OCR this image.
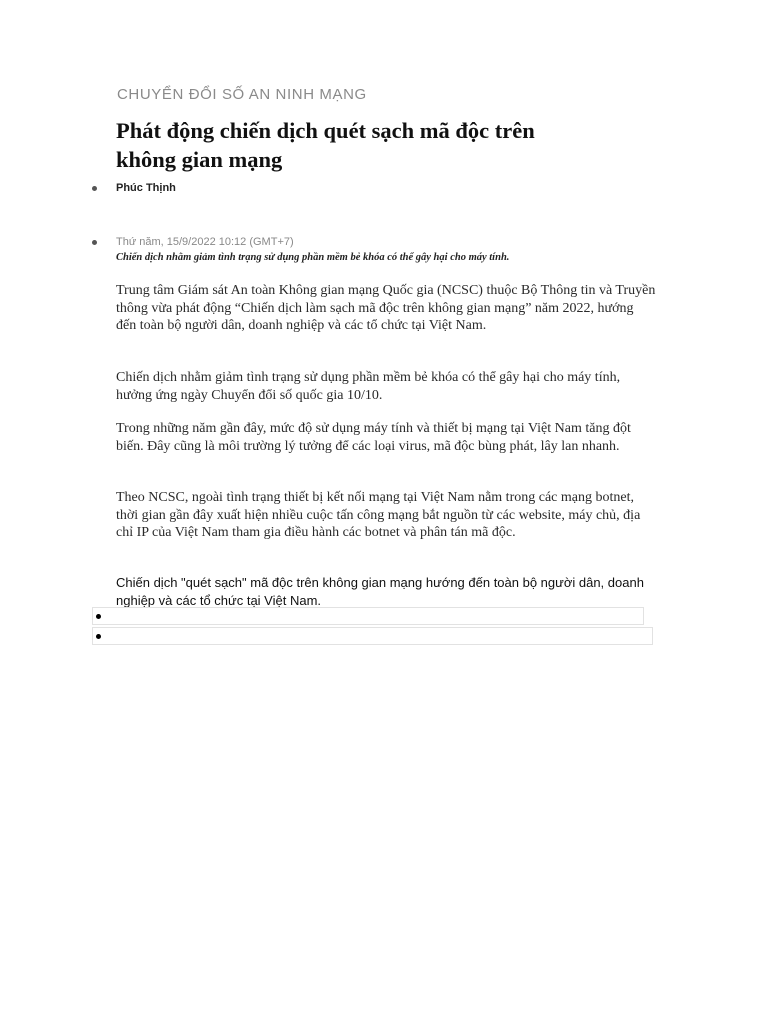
CHUYỂN ĐỔI SỐ AN NINH MẠNG
Phát động chiến dịch quét sạch mã độc trên
không gian mạng
Phúc Thịnh
Thứ năm, 15/9/2022 10:12 (GMT+7)
Chiến dịch nhằm giảm tình trạng sử dụng phần mềm bẻ khóa có thể gây hại cho máy tính.

Trung tâm Giám sát An toàn Không gian mạng Quốc gia (NCSC) thuộc Bộ Thông tin và Truyền thông vừa phát động “Chiến dịch làm sạch mã độc trên không gian mạng” năm 2022, hướng đến toàn bộ người dân, doanh nghiệp và các tổ chức tại Việt Nam.

Chiến dịch nhằm giảm tình trạng sử dụng phần mềm bẻ khóa có thể gây hại cho máy tính, hưởng ứng ngày Chuyển đổi số quốc gia 10/10.

Trong những năm gần đây, mức độ sử dụng máy tính và thiết bị mạng tại Việt Nam tăng đột biến. Đây cũng là môi trường lý tưởng để các loại virus, mã độc bùng phát, lây lan nhanh.

Theo NCSC, ngoài tình trạng thiết bị kết nối mạng tại Việt Nam nằm trong các mạng botnet, thời gian gần đây xuất hiện nhiều cuộc tấn công mạng bắt nguồn từ các website, máy chủ, địa chỉ IP của Việt Nam tham gia điều hành các botnet và phân tán mã độc.

Chiến dịch "quét sạch" mã độc trên không gian mạng hướng đến toàn bộ người dân, doanh nghiệp và các tổ chức tại Việt Nam.
